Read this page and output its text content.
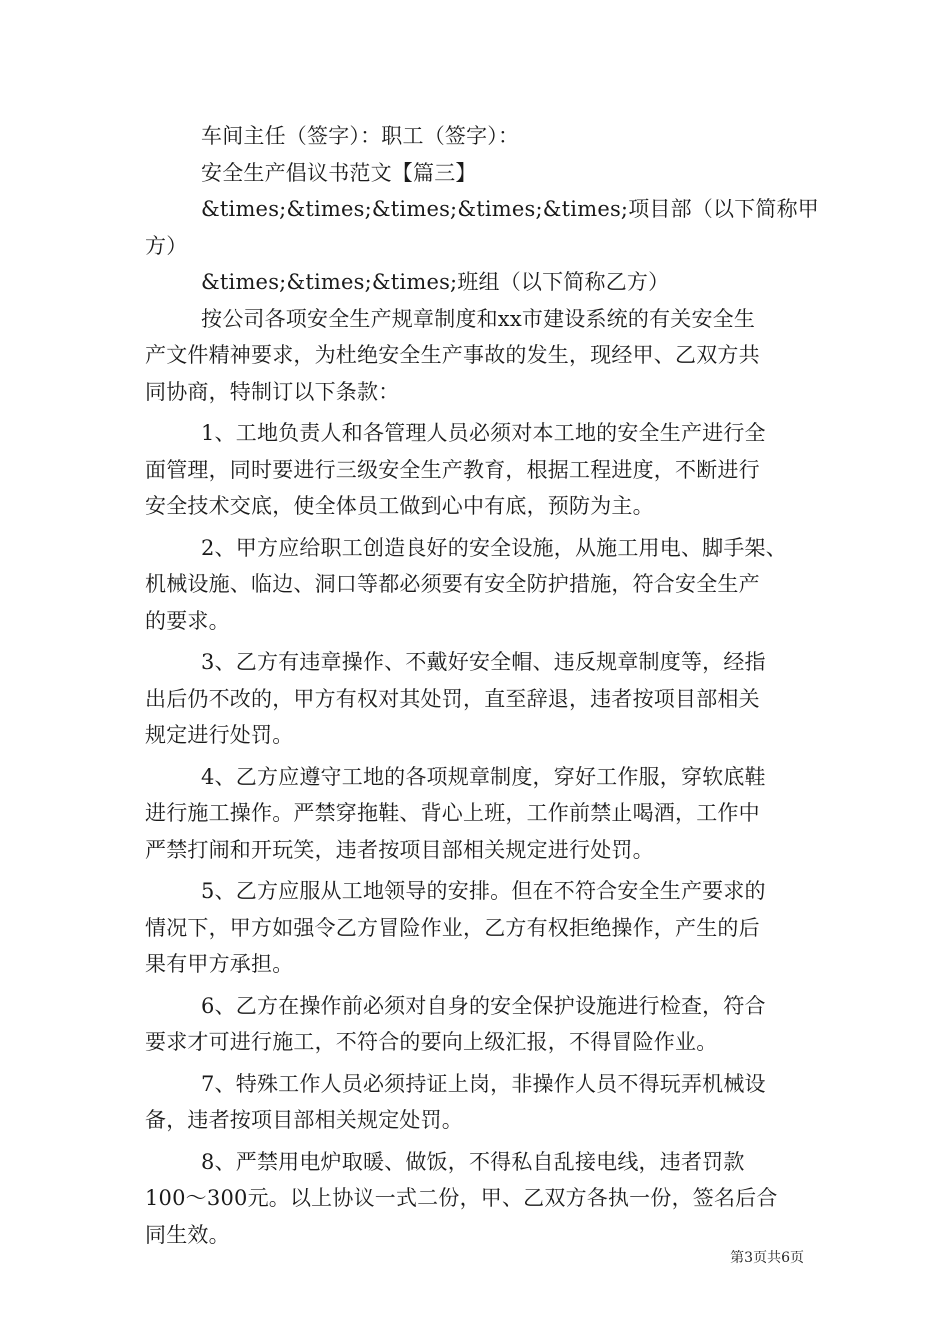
车间主任（签字）：职工（签字）：
安全生产倡议书范文【篇三】
&times;&times;&times;&times;&times;项目部（以下简称甲
方）
&times;&times;&times;班组（以下简称乙方）
按公司各项安全生产规章制度和xx市建设系统的有关安全生
产文件精神要求，为杜绝安全生产事故的发生，现经甲、乙双方共
同协商，特制订以下条款：
1、工地负责人和各管理人员必须对本工地的安全生产进行全
面管理，同时要进行三级安全生产教育，根据工程进度，不断进行
安全技术交底，使全体员工做到心中有底，预防为主。
2、甲方应给职工创造良好的安全设施，从施工用电、脚手架、
机械设施、临边、洞口等都必须要有安全防护措施，符合安全生产
的要求。
3、乙方有违章操作、不戴好安全帽、违反规章制度等，经指
出后仍不改的，甲方有权对其处罚，直至辞退，违者按项目部相关
规定进行处罚。
4、乙方应遵守工地的各项规章制度，穿好工作服，穿软底鞋
进行施工操作。严禁穿拖鞋、背心上班，工作前禁止喝酒，工作中
严禁打闹和开玩笑，违者按项目部相关规定进行处罚。
5、乙方应服从工地领导的安排。但在不符合安全生产要求的
情况下，甲方如强令乙方冒险作业，乙方有权拒绝操作，产生的后
果有甲方承担。
6、乙方在操作前必须对自身的安全保护设施进行检查，符合
要求才可进行施工，不符合的要向上级汇报，不得冒险作业。
7、特殊工作人员必须持证上岗，非操作人员不得玩弄机械设
备，违者按项目部相关规定处罚。
8、严禁用电炉取暖、做饭，不得私自乱接电线，违者罚款
100～300元。以上协议一式二份，甲、乙双方各执一份，签名后合
同生效。
第3页共6页
